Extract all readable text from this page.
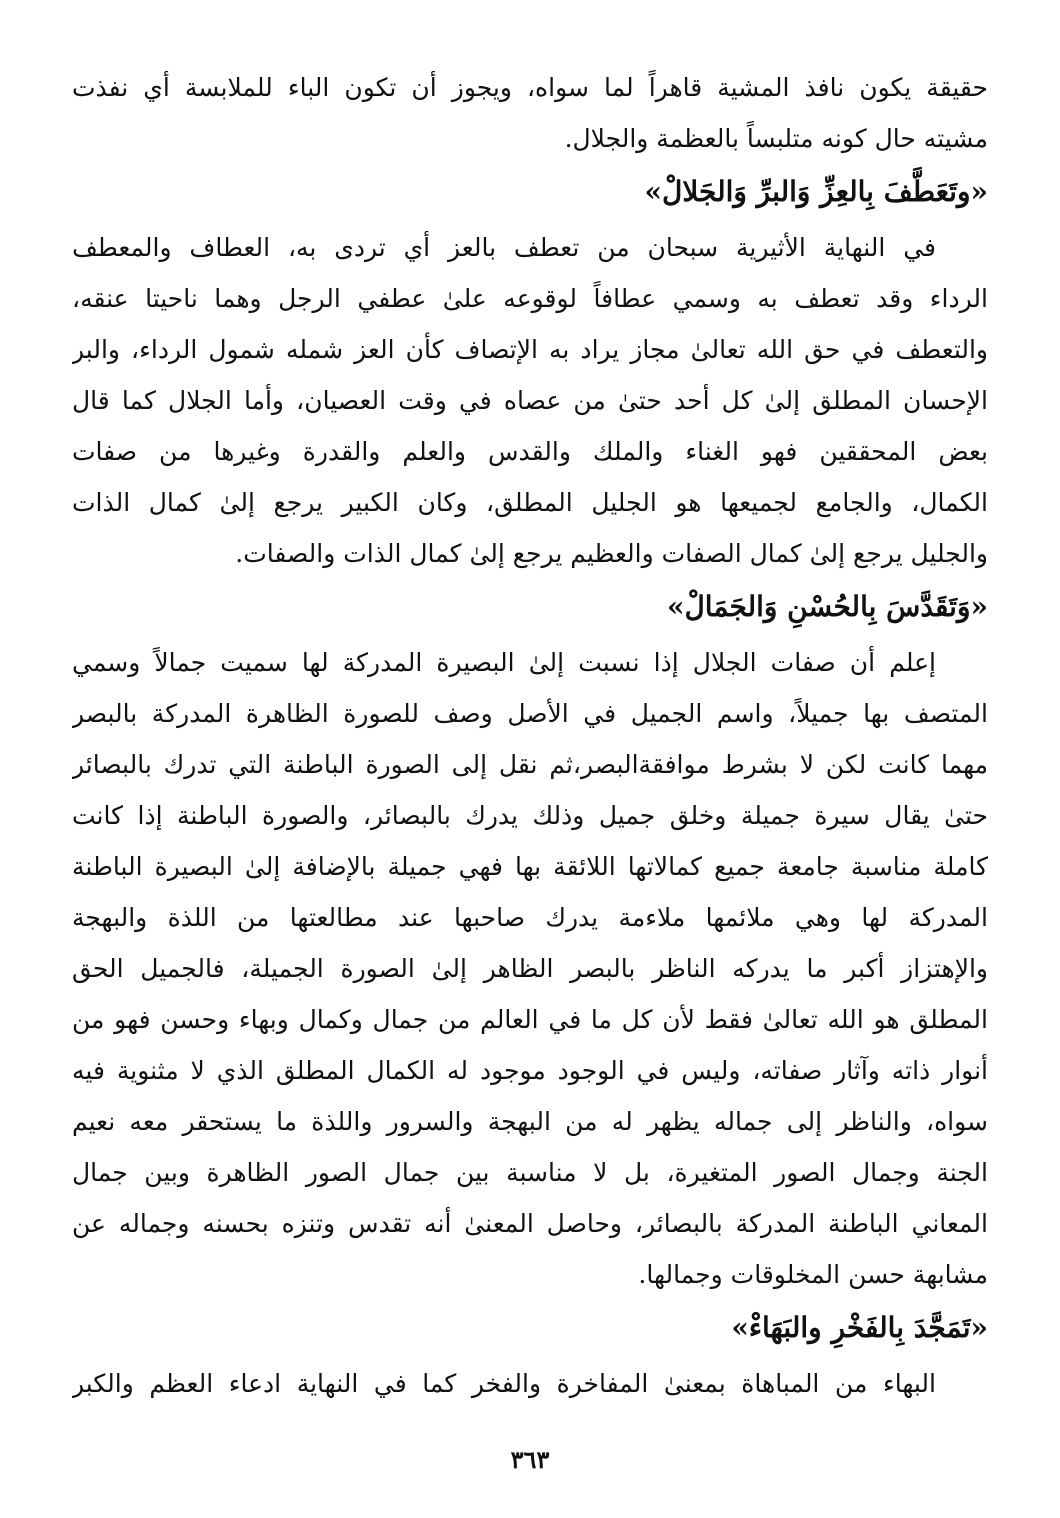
حقيقة يكون نافذ المشية قاهراً لما سواه، ويجوز أن تكون الباء للملابسة أي نفذت
مشيته حال كونه متلبساً بالعظمة والجلال.
«وتَعَطَّفَ بِالعِزِّ وَالبرِّ وَالجَلالْ»
في النهاية الأثيرية سبحان من تعطف بالعز أي تردى به، العطاف والمعطف
الرداء وقد تعطف به وسمي عطافاً لوقوعه علىٰ عطفي الرجل وهما ناحيتا عنقه،
والتعطف في حق الله تعالىٰ مجاز يراد به الإتصاف كأن العز شمله شمول الرداء، والبر
الإحسان المطلق إلىٰ كل أحد حتىٰ من عصاه في وقت العصيان، وأما الجلال كما قال
بعض المحققين فهو الغناء والملك والقدس والعلم والقدرة وغيرها من صفات
الكمال، والجامع لجميعها هو الجليل المطلق، وكان الكبير يرجع إلىٰ كمال الذات
والجليل يرجع إلىٰ كمال الصفات والعظيم يرجع إلىٰ كمال الذات والصفات.
«وَتَقَدَّسَ بِالحُسْنِ وَالجَمَالْ»
إعلم أن صفات الجلال إذا نسبت إلىٰ البصيرة المدركة لها سميت جمالاً وسمي
المتصف بها جميلاً، واسم الجميل في الأصل وصف للصورة الظاهرة المدركة بالبصر
مهما كانت لكن لا بشرط موافقةالبصر،ثم نقل إلى الصورة الباطنة التي تدرك بالبصائر
حتىٰ يقال سيرة جميلة وخلق جميل وذلك يدرك بالبصائر، والصورة الباطنة إذا كانت
كاملة مناسبة جامعة جميع كمالاتها اللائقة بها فهي جميلة بالإضافة إلىٰ البصيرة الباطنة
المدركة لها وهي ملائمها ملاءمة يدرك صاحبها عند مطالعتها من اللذة والبهجة
والإهتزاز أكبر ما يدركه الناظر بالبصر الظاهر إلىٰ الصورة الجميلة، فالجميل الحق
المطلق هو الله تعالىٰ فقط لأن كل ما في العالم من جمال وكمال وبهاء وحسن فهو من
أنوار ذاته وآثار صفاته، وليس في الوجود موجود له الكمال المطلق الذي لا مثنوية فيه
سواه، والناظر إلى جماله يظهر له من البهجة والسرور واللذة ما يستحقر معه نعيم
الجنة وجمال الصور المتغيرة، بل لا مناسبة بين جمال الصور الظاهرة وبين جمال
المعاني الباطنة المدركة بالبصائر، وحاصل المعنىٰ أنه تقدس وتنزه بحسنه وجماله عن
مشابهة حسن المخلوقات وجمالها.
«تَمَجَّدَ بِالفَخْرِ والبَهَاءْ»
البهاء من المباهاة بمعنىٰ المفاخرة والفخر كما في النهاية ادعاء العظم والكبر
٣٦٣
